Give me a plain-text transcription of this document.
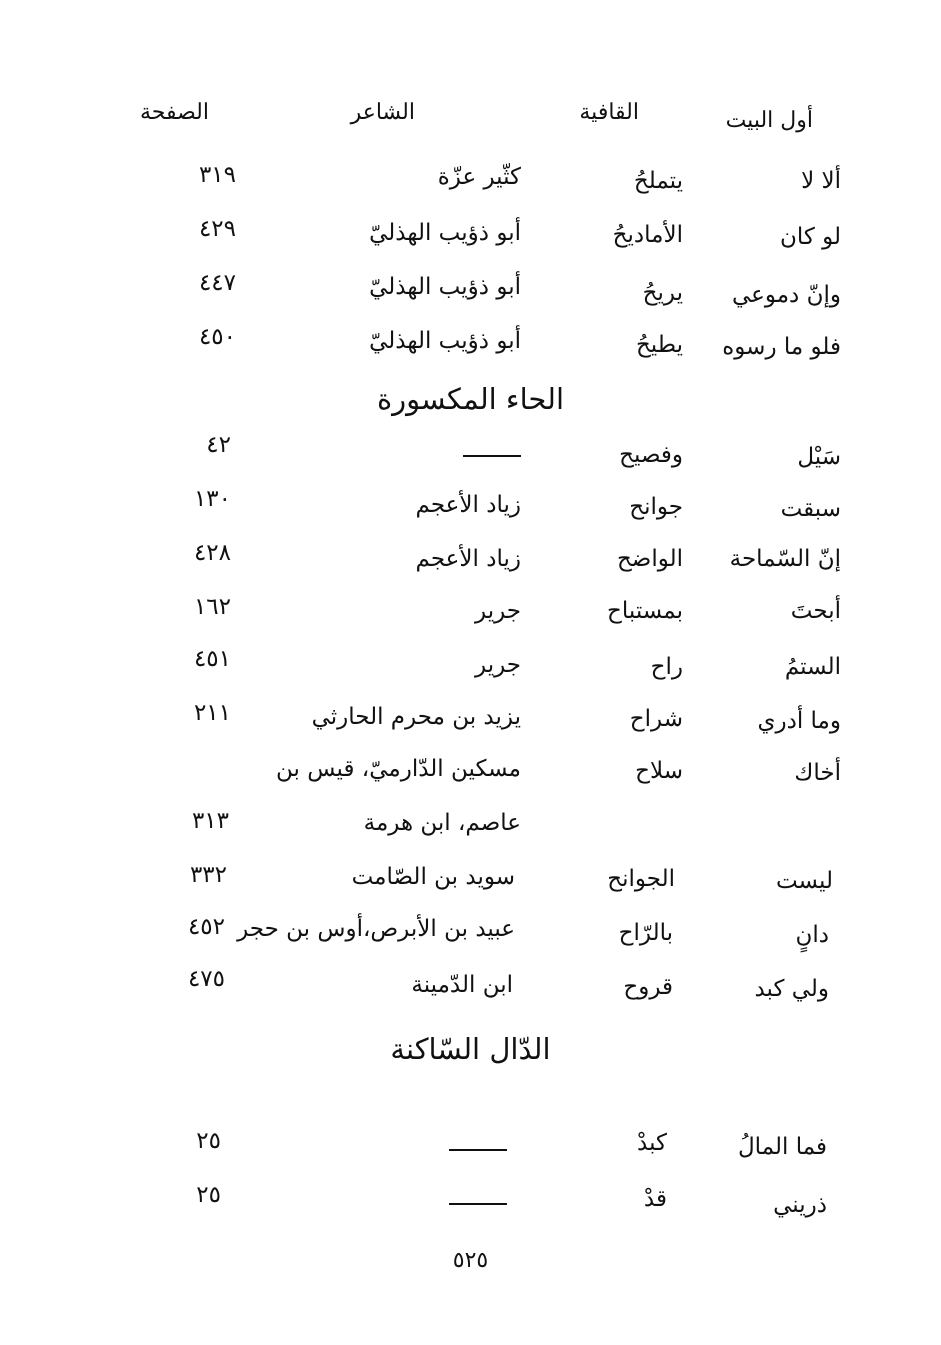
أول البيت
القافية
الشاعر
الصفحة
ألا لا
يتملحُ
كثّير عزّة
٣١٩
لو كان
الأماديحُ
أبو ذؤيب الهذليّ
٤٢٩
وإنّ دموعي
يريحُ
أبو ذؤيب الهذليّ
٤٤٧
فلو ما رسوه
يطيحُ
أبو ذؤيب الهذليّ
٤٥٠
الحاء المكسورة
سَيْل
وفصيح
٤٢
سبقت
جوانح
زياد الأعجم
١٣٠
إنّ السّماحة
الواضح
زياد الأعجم
٤٢٨
أبحتَ
بمستباح
جرير
١٦٢
الستمُ
راح
جرير
٤٥١
وما أدري
شراح
يزيد بن محرم الحارثي
٢١١
أخاك
سلاح
مسكين الدّارميّ، قيس بن
عاصم، ابن هرمة
٣١٣
ليست
الجوانح
سويد بن الصّامت
٣٣٢
دانٍ
بالرّاح
عبيد بن الأبرص،أوس بن حجر
٤٥٢
ولي كبد
قروح
ابن الدّمينة
٤٧٥
الدّال السّاكنة
فما المالُ
كبدْ
٢٥
ذريني
قدْ
٢٥
٥٢٥
